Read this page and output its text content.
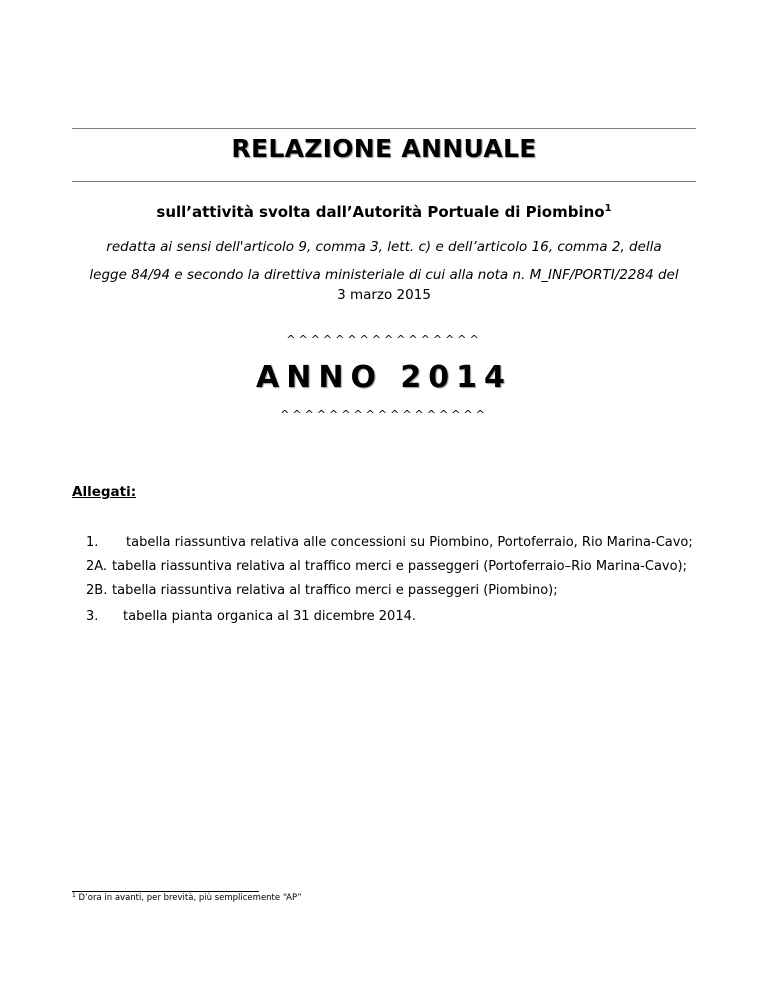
RELAZIONE ANNUALE
sull’attività svolta dall’Autorità Portuale di Piombino$^1$
redatta ai sensi dell'articolo 9, comma 3, lett. c) e dell’articolo 16, comma 2, della
legge 84/94 e secondo la direttiva ministeriale di cui alla nota n. M_INF/PORTI/2284 del
3 marzo 2015
^^^^^^^^^^^^^^^^
ANNO 2014
^^^^^^^^^^^^^^^^^
Allegati:
1. tabella riassuntiva relativa alle concessioni su Piombino, Portoferraio, Rio Marina-Cavo;
2A. tabella riassuntiva relativa al traffico merci e passeggeri (Portoferraio–Rio Marina-Cavo);
2B. tabella riassuntiva relativa al traffico merci e passeggeri (Piombino);
3. tabella pianta organica al 31 dicembre 2014.
$^1$ D’ora in avanti, per brevità, più semplicemente “AP”
